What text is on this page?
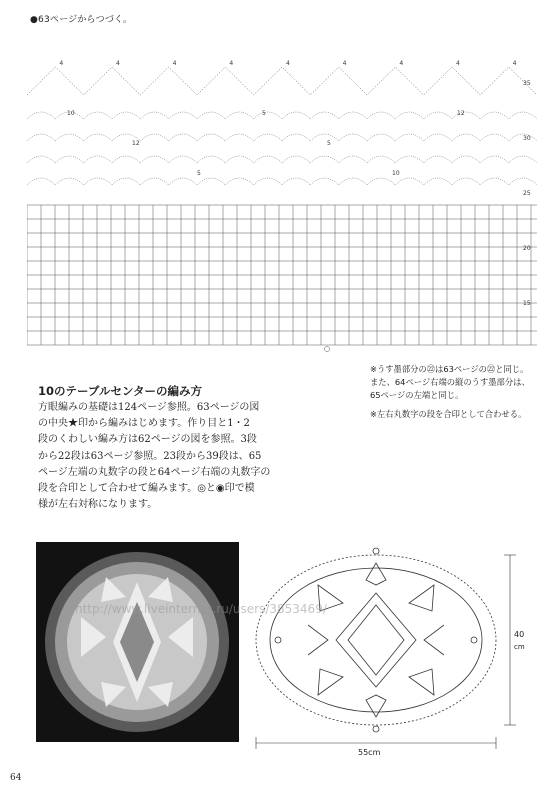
●63ページからつづく。
4	4	4	4	4	4	4	4	4
10
12
5
5
5
10
12
35
30
25
20
15

※うす墨部分の㉒は63ページの㉒と同じ。

また、64ページ右端の縦のうす墨部分は、

65ページの左端と同じ。

※左右丸数字の段を合印として合わせる。

10のテーブルセンターの編み方

方眼編みの基礎は124ページ参照。63ページの図

の中央★印から編みはじめます。作り目と1・2

段のくわしい編み方は62ページの図を参照。3段

から22段は63ページ参照。23段から39段は、65

ページ左端の丸数字の段と64ページ右端の丸数字の

段を合印として合わせて編みます。◎と◉印で模

様が左右対称になります。

40
cm
55cm
http://www.liveinternet.ru/users/3853469/
64
